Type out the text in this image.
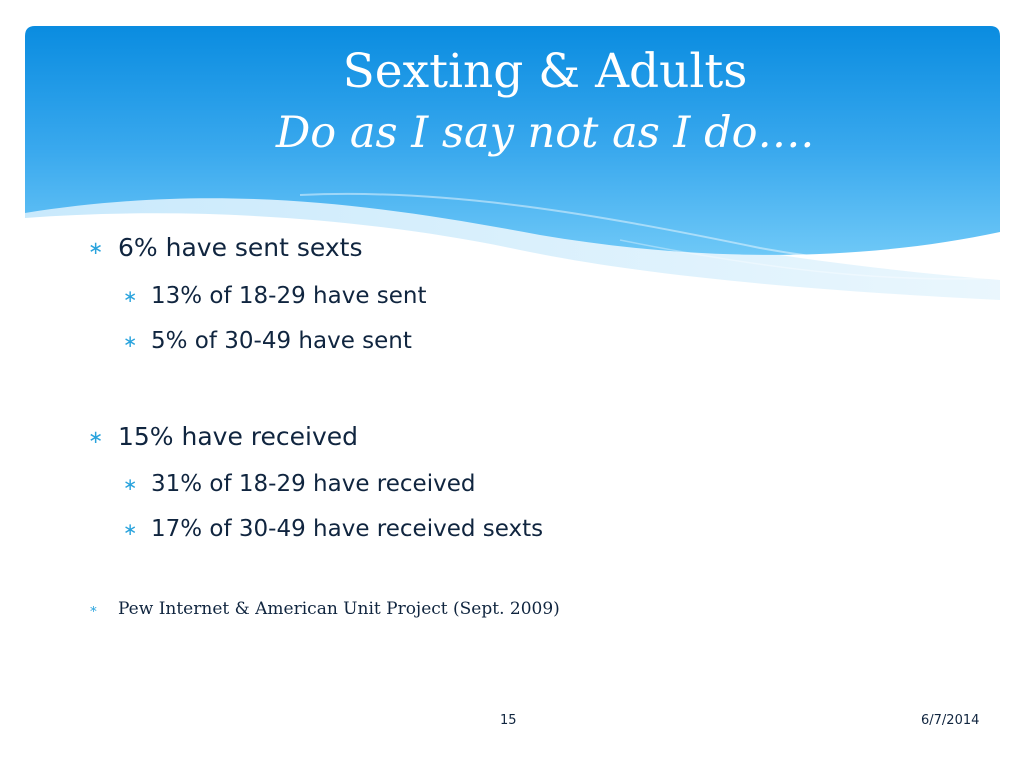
Sexting & Adults
Do as I say not as I do….
∗ 6% have sent sexts
∗ 13% of 18-29 have sent
∗ 5% of 30-49 have sent
∗ 15% have received
∗ 31% of 18-29 have received
∗ 17% of 30-49 have received sexts
∗ Pew Internet & American Unit Project (Sept. 2009)
15	6/7/2014
